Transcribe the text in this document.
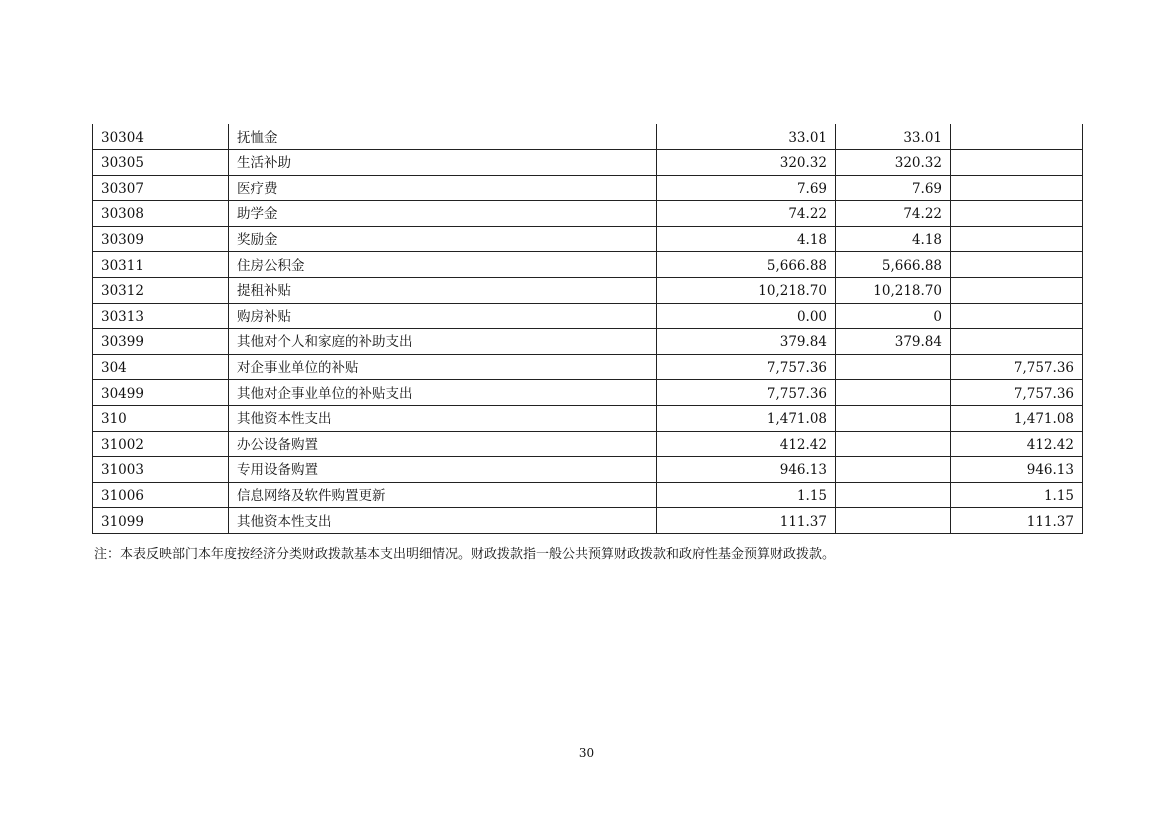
30304	抚恤金	33.01	33.01	
30305	生活补助	320.32	320.32	
30307	医疗费	7.69	7.69	
30308	助学金	74.22	74.22	
30309	奖励金	4.18	4.18	
30311	住房公积金	5,666.88	5,666.88	
30312	提租补贴	10,218.70	10,218.70	
30313	购房补贴	0.00	0	
30399	其他对个人和家庭的补助支出	379.84	379.84	
304	对企事业单位的补贴	7,757.36		7,757.36
30499	其他对企事业单位的补贴支出	7,757.36		7,757.36
310	其他资本性支出	1,471.08		1,471.08
31002	办公设备购置	412.42		412.42
31003	专用设备购置	946.13		946.13
31006	信息网络及软件购置更新	1.15		1.15
31099	其他资本性支出	111.37		111.37
注：本表反映部门本年度按经济分类财政拨款基本支出明细情况。财政拨款指一般公共预算财政拨款和政府性基金预算财政拨款。
30
